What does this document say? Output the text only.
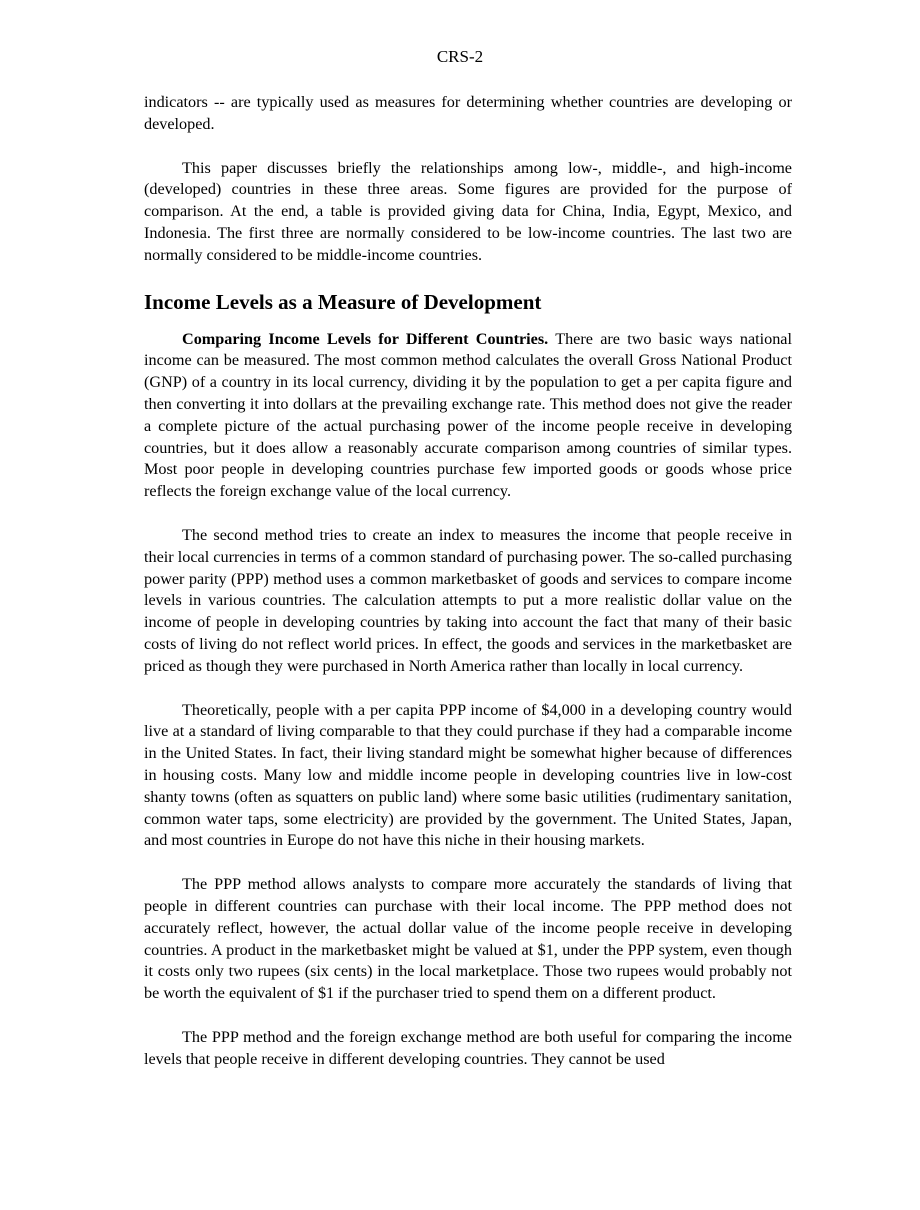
CRS-2

indicators -- are typically used as measures for determining whether countries are developing or developed.

This paper discusses briefly the relationships among low-, middle-, and high-income (developed) countries in these three areas. Some figures are provided for the purpose of comparison. At the end, a table is provided giving data for China, India, Egypt, Mexico, and Indonesia. The first three are normally considered to be low-income countries. The last two are normally considered to be middle-income countries.

Income Levels as a Measure of Development

Comparing Income Levels for Different Countries. There are two basic ways national income can be measured. The most common method calculates the overall Gross National Product (GNP) of a country in its local currency, dividing it by the population to get a per capita figure and then converting it into dollars at the prevailing exchange rate. This method does not give the reader a complete picture of the actual purchasing power of the income people receive in developing countries, but it does allow a reasonably accurate comparison among countries of similar types. Most poor people in developing countries purchase few imported goods or goods whose price reflects the foreign exchange value of the local currency.

The second method tries to create an index to measures the income that people receive in their local currencies in terms of a common standard of purchasing power. The so-called purchasing power parity (PPP) method uses a common marketbasket of goods and services to compare income levels in various countries. The calculation attempts to put a more realistic dollar value on the income of people in developing countries by taking into account the fact that many of their basic costs of living do not reflect world prices. In effect, the goods and services in the marketbasket are priced as though they were purchased in North America rather than locally in local currency.

Theoretically, people with a per capita PPP income of $4,000 in a developing country would live at a standard of living comparable to that they could purchase if they had a comparable income in the United States. In fact, their living standard might be somewhat higher because of differences in housing costs. Many low and middle income people in developing countries live in low-cost shanty towns (often as squatters on public land) where some basic utilities (rudimentary sanitation, common water taps, some electricity) are provided by the government. The United States, Japan, and most countries in Europe do not have this niche in their housing markets.

The PPP method allows analysts to compare more accurately the standards of living that people in different countries can purchase with their local income. The PPP method does not accurately reflect, however, the actual dollar value of the income people receive in developing countries. A product in the marketbasket might be valued at $1, under the PPP system, even though it costs only two rupees (six cents) in the local marketplace. Those two rupees would probably not be worth the equivalent of $1 if the purchaser tried to spend them on a different product.

The PPP method and the foreign exchange method are both useful for comparing the income levels that people receive in different developing countries. They cannot be used
